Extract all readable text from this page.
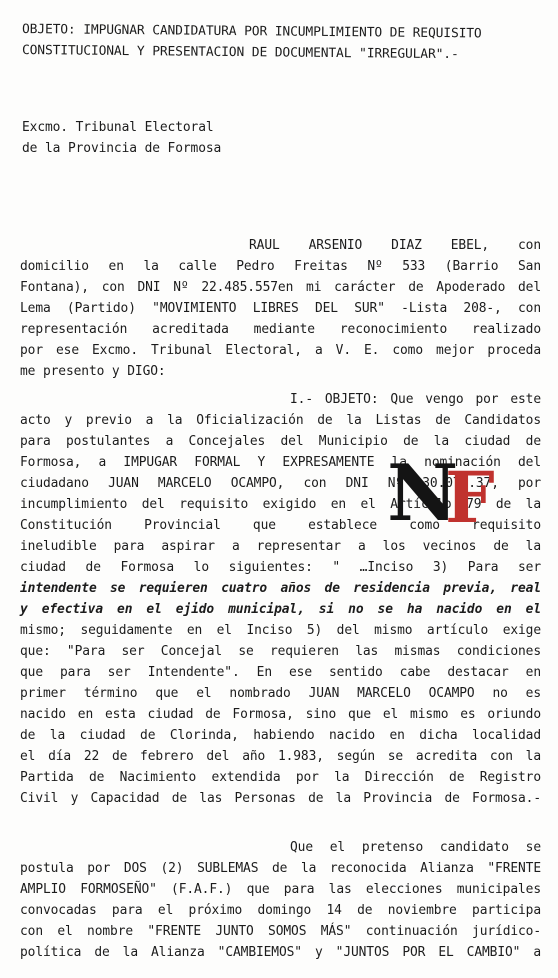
OBJETO: IMPUGNAR CANDIDATURA POR INCUMPLIMIENTO DE REQUISITO
CONSTITUCIONAL Y PRESENTACION DE DOCUMENTAL "IRREGULAR".-
Excmo. Tribunal Electoral
de la Provincia de Formosa
RAUL ARSENIO DIAZ EBEL, con
domicilio en la calle Pedro Freitas Nº 533 (Barrio San
Fontana), con DNI Nº 22.485.557en mi carácter de Apoderado del
Lema (Partido) "MOVIMIENTO LIBRES DEL SUR" -Lista 208-, con
representación acreditada mediante reconocimiento realizado
por ese Excmo. Tribunal Electoral, a V. E. como mejor proceda
me presento y DIGO:
I.- OBJETO: Que vengo por este
acto y previo a la Oficialización de la Listas de Candidatos
para postulantes a Concejales del Municipio de la ciudad de
Formosa, a IMPUGAR FORMAL Y EXPRESAMENTE la nominación del
ciudadano JUAN MARCELO OCAMPO, con DNI Nº 30.076.37, por
incumplimiento del requisito exigido en el Artículo 79 de la
Constitución Provincial que establece como requisito
ineludible para aspirar a representar a los vecinos de la
ciudad de Formosa lo siguientes: " …Inciso 3) Para ser
intendente se requieren cuatro años de residencia previa, real
y efectiva en el ejido municipal, si no se ha nacido en el
mismo; seguidamente en el Inciso 5) del mismo artículo exige
que: "Para ser Concejal se requieren las mismas condiciones
que para ser Intendente". En ese sentido cabe destacar en
primer término que el nombrado JUAN MARCELO OCAMPO no es
nacido en esta ciudad de Formosa, sino que el mismo es oriundo
de la ciudad de Clorinda, habiendo nacido en dicha localidad
el día 22 de febrero del año 1.983, según se acredita con la
Partida de Nacimiento extendida por la Dirección de Registro
Civil y Capacidad de las Personas de la Provincia de Formosa.-
Que el pretenso candidato se
postula por DOS (2) SUBLEMAS de la reconocida Alianza "FRENTE
AMPLIO FORMOSEÑO" (F.A.F.) que para las elecciones municipales
convocadas para el próximo domingo 14 de noviembre participa
con el nombre "FRENTE JUNTO SOMOS MÁS" continuación jurídico-
política de la Alianza "CAMBIEMOS" y "JUNTOS POR EL CAMBIO" a
N
F
